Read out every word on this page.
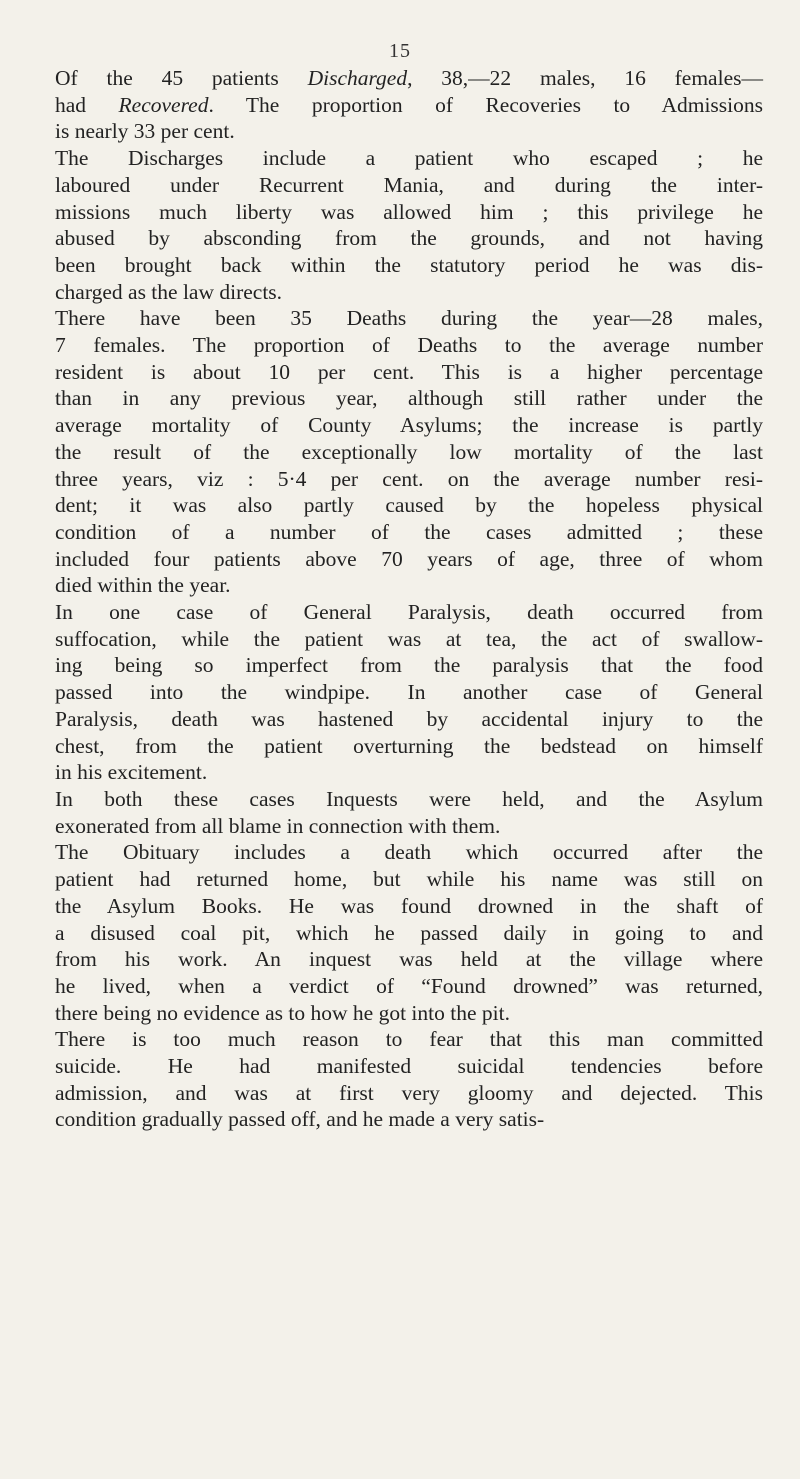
15
Of the 45 patients Discharged, 38,—22 males, 16 females—
had Recovered. The proportion of Recoveries to Admissions
is nearly 33 per cent.
The Discharges include a patient who escaped ; he
laboured under Recurrent Mania, and during the inter-
missions much liberty was allowed him ; this privilege he
abused by absconding from the grounds, and not having
been brought back within the statutory period he was dis-
charged as the law directs.
There have been 35 Deaths during the year—28 males,
7 females. The proportion of Deaths to the average number
resident is about 10 per cent. This is a higher percentage
than in any previous year, although still rather under the
average mortality of County Asylums; the increase is partly
the result of the exceptionally low mortality of the last
three years, viz : 5·4 per cent. on the average number resi-
dent; it was also partly caused by the hopeless physical
condition of a number of the cases admitted ; these
included four patients above 70 years of age, three of whom
died within the year.
In one case of General Paralysis, death occurred from
suffocation, while the patient was at tea, the act of swallow-
ing being so imperfect from the paralysis that the food
passed into the windpipe. In another case of General
Paralysis, death was hastened by accidental injury to the
chest, from the patient overturning the bedstead on himself
in his excitement.
In both these cases Inquests were held, and the Asylum
exonerated from all blame in connection with them.
The Obituary includes a death which occurred after the
patient had returned home, but while his name was still on
the Asylum Books. He was found drowned in the shaft of
a disused coal pit, which he passed daily in going to and
from his work. An inquest was held at the village where
he lived, when a verdict of “Found drowned” was returned,
there being no evidence as to how he got into the pit.
There is too much reason to fear that this man committed
suicide. He had manifested suicidal tendencies before
admission, and was at first very gloomy and dejected. This
condition gradually passed off, and he made a very satis-
